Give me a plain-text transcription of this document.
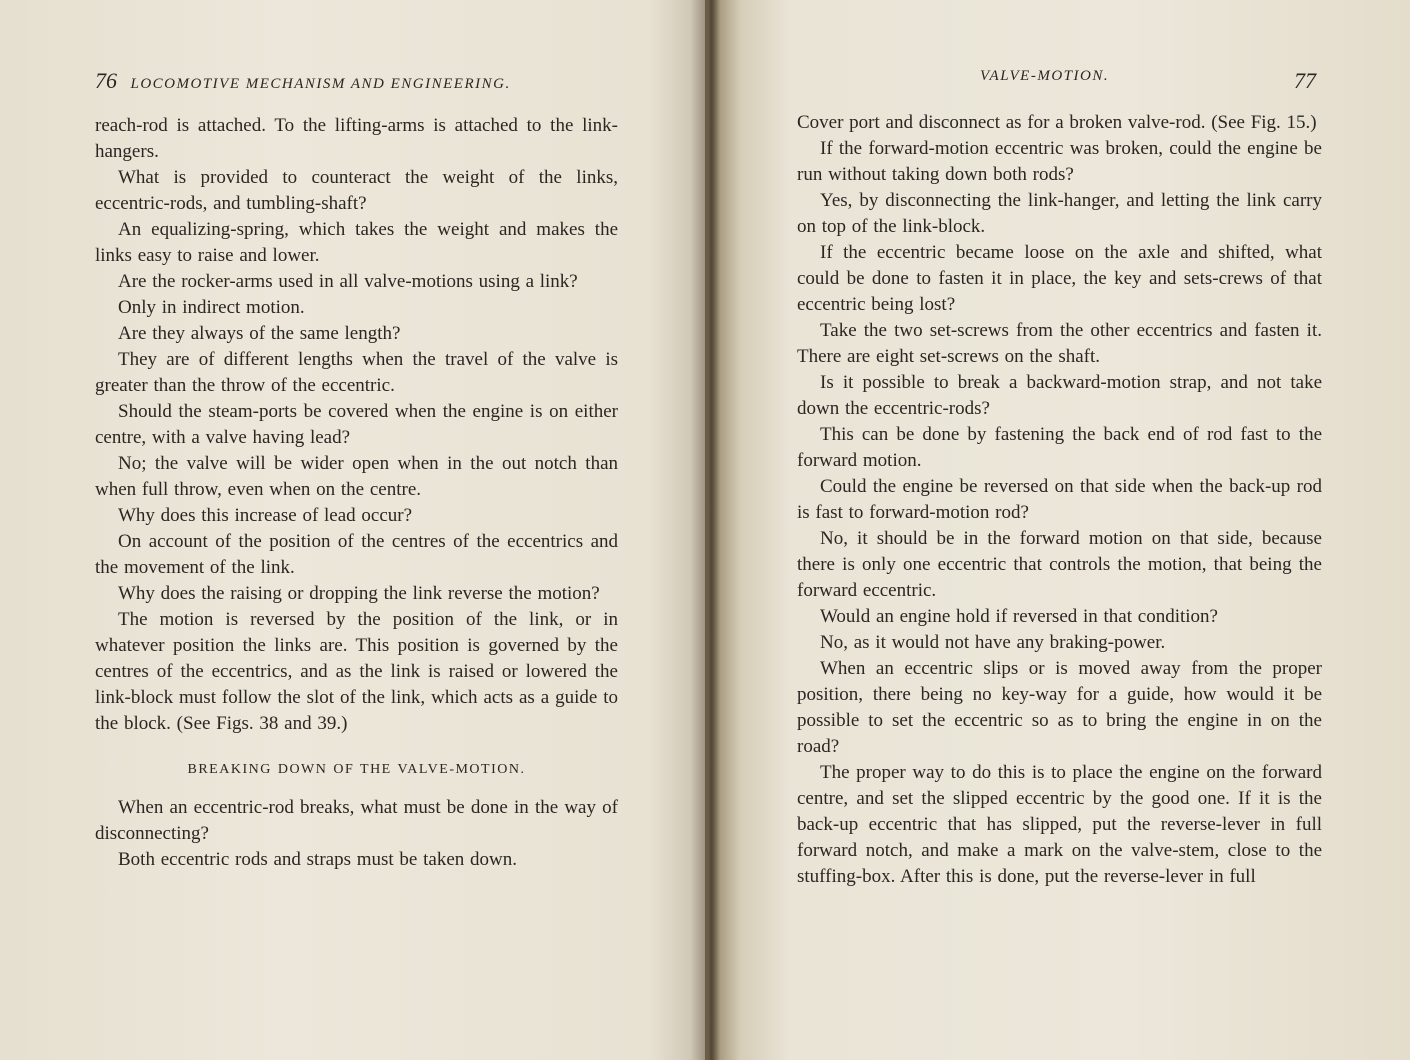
76 LOCOMOTIVE MECHANISM AND ENGINEERING.	VALVE-MOTION.	77

reach-rod is attached. To the lifting-arms is attached to the link-hangers.

What is provided to counteract the weight of the links, eccentric-rods, and tumbling-shaft?

An equalizing-spring, which takes the weight and makes the links easy to raise and lower.

Are the rocker-arms used in all valve-motions using a link?

Only in indirect motion.

Are they always of the same length?

They are of different lengths when the travel of the valve is greater than the throw of the eccentric.

Should the steam-ports be covered when the engine is on either centre, with a valve having lead?

No; the valve will be wider open when in the out notch than when full throw, even when on the centre.

Why does this increase of lead occur?

On account of the position of the centres of the eccentrics and the movement of the link.

Why does the raising or dropping the link reverse the motion?

The motion is reversed by the position of the link, or in whatever position the links are. This position is governed by the centres of the eccentrics, and as the link is raised or lowered the link-block must follow the slot of the link, which acts as a guide to the block. (See Figs. 38 and 39.)

BREAKING DOWN OF THE VALVE-MOTION.

When an eccentric-rod breaks, what must be done in the way of disconnecting?

Both eccentric rods and straps must be taken down.

Cover port and disconnect as for a broken valve-rod. (See Fig. 15.)

If the forward-motion eccentric was broken, could the engine be run without taking down both rods?

Yes, by disconnecting the link-hanger, and letting the link carry on top of the link-block.

If the eccentric became loose on the axle and shifted, what could be done to fasten it in place, the key and sets-crews of that eccentric being lost?

Take the two set-screws from the other eccentrics and fasten it. There are eight set-screws on the shaft.

Is it possible to break a backward-motion strap, and not take down the eccentric-rods?

This can be done by fastening the back end of rod fast to the forward motion.

Could the engine be reversed on that side when the back-up rod is fast to forward-motion rod?

No, it should be in the forward motion on that side, because there is only one eccentric that controls the motion, that being the forward eccentric.

Would an engine hold if reversed in that condition?

No, as it would not have any braking-power.

When an eccentric slips or is moved away from the proper position, there being no key-way for a guide, how would it be possible to set the eccentric so as to bring the engine in on the road?

The proper way to do this is to place the engine on the forward centre, and set the slipped eccentric by the good one. If it is the back-up eccentric that has slipped, put the reverse-lever in full forward notch, and make a mark on the valve-stem, close to the stuffing-box. After this is done, put the reverse-lever in full
